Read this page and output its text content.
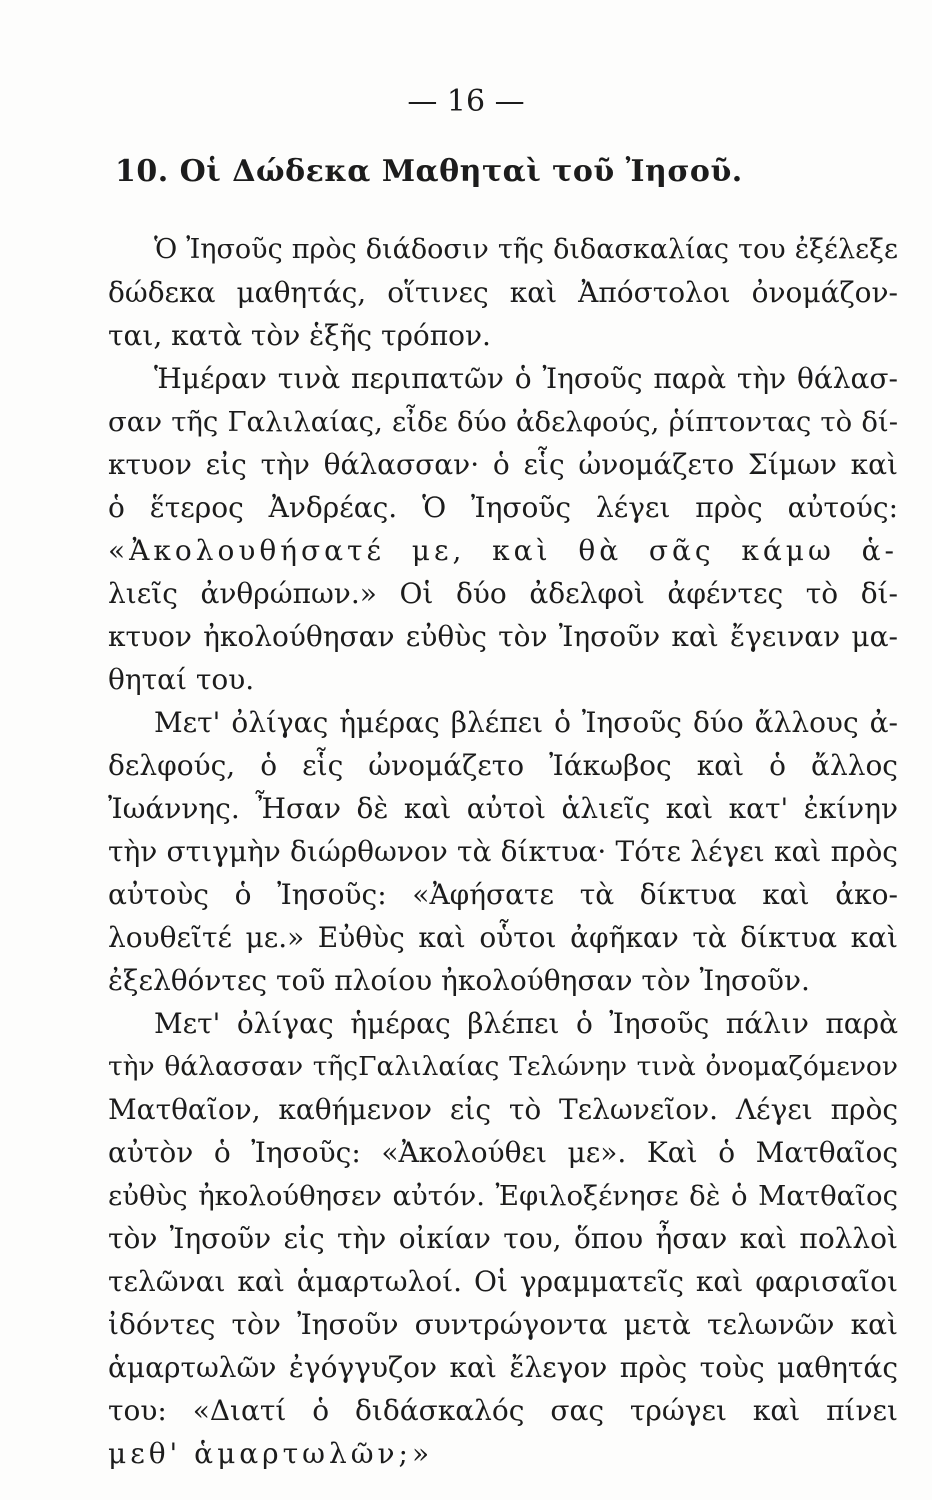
— 16 —
10. Οἱ Δώδεκα Μαθηταὶ τοῦ Ἰησοῦ.
Ὁ Ἰησοῦς πρὸς διάδοσιν τῆς διδασκαλίας του ἐξέλεξε
δώδεκα μαθητάς, οἵτινες καὶ Ἀπόστολοι ὀνομάζον-
ται, κατὰ τὸν ἑξῆς τρόπον.
Ἡμέραν τινὰ περιπατῶν ὁ Ἰησοῦς παρὰ τὴν θάλασ-
σαν τῆς Γαλιλαίας, εἶδε δύο ἀδελφούς, ῥίπτοντας τὸ δί-
κτυον εἰς τὴν θάλασσαν· ὁ εἷς ὠνομάζετο Σίμων καὶ
ὁ ἕτερος Ἀνδρέας. Ὁ Ἰησοῦς λέγει πρὸς αὐτούς:
«Ἀκολουθήσατέ με, καὶ θὰ σᾶς κάμω ἁ-
λιεῖς ἀνθρώπων.» Οἱ δύο ἀδελφοὶ ἀφέντες τὸ δί-
κτυον ἠκολούθησαν εὐθὺς τὸν Ἰησοῦν καὶ ἔγειναν μα-
θηταί του.
Μετ' ὀλίγας ἡμέρας βλέπει ὁ Ἰησοῦς δύο ἄλλους ἀ-
δελφούς, ὁ εἷς ὠνομάζετο Ἰάκωβος καὶ ὁ ἄλλος
Ἰωάννης. Ἦσαν δὲ καὶ αὐτοὶ ἁλιεῖς καὶ κατ' ἐκίνην
τὴν στιγμὴν διώρθωνον τὰ δίκτυα· Τότε λέγει καὶ πρὸς
αὐτοὺς ὁ Ἰησοῦς: «Ἀφήσατε τὰ δίκτυα καὶ ἀκο-
λουθεῖτέ με.» Εὐθὺς καὶ οὗτοι ἀφῆκαν τὰ δίκτυα καὶ
ἐξελθόντες τοῦ πλοίου ἠκολούθησαν τὸν Ἰησοῦν.
Μετ' ὀλίγας ἡμέρας βλέπει ὁ Ἰησοῦς πάλιν παρὰ
τὴν θάλασσαν τῆςΓαλιλαίας Τελώνην τινὰ ὀνομαζόμενον
Ματθαῖον, καθήμενον εἰς τὸ Τελωνεῖον. Λέγει πρὸς
αὐτὸν ὁ Ἰησοῦς: «Ἀκολούθει με». Καὶ ὁ Ματθαῖος
εὐθὺς ἠκολούθησεν αὐτόν. Ἐφιλοξένησε δὲ ὁ Ματθαῖος
τὸν Ἰησοῦν εἰς τὴν οἰκίαν του, ὅπου ἦσαν καὶ πολλοὶ
τελῶναι καὶ ἁμαρτωλοί. Οἱ γραμματεῖς καὶ φαρισαῖοι
ἰδόντες τὸν Ἰησοῦν συντρώγοντα μετὰ τελωνῶν καὶ
ἁμαρτωλῶν ἐγόγγυζον καὶ ἔλεγον πρὸς τοὺς μαθητάς
του: «Διατί ὁ διδάσκαλός σας τρώγει καὶ πίνει
μεθ' ἁμαρτωλῶν;»
